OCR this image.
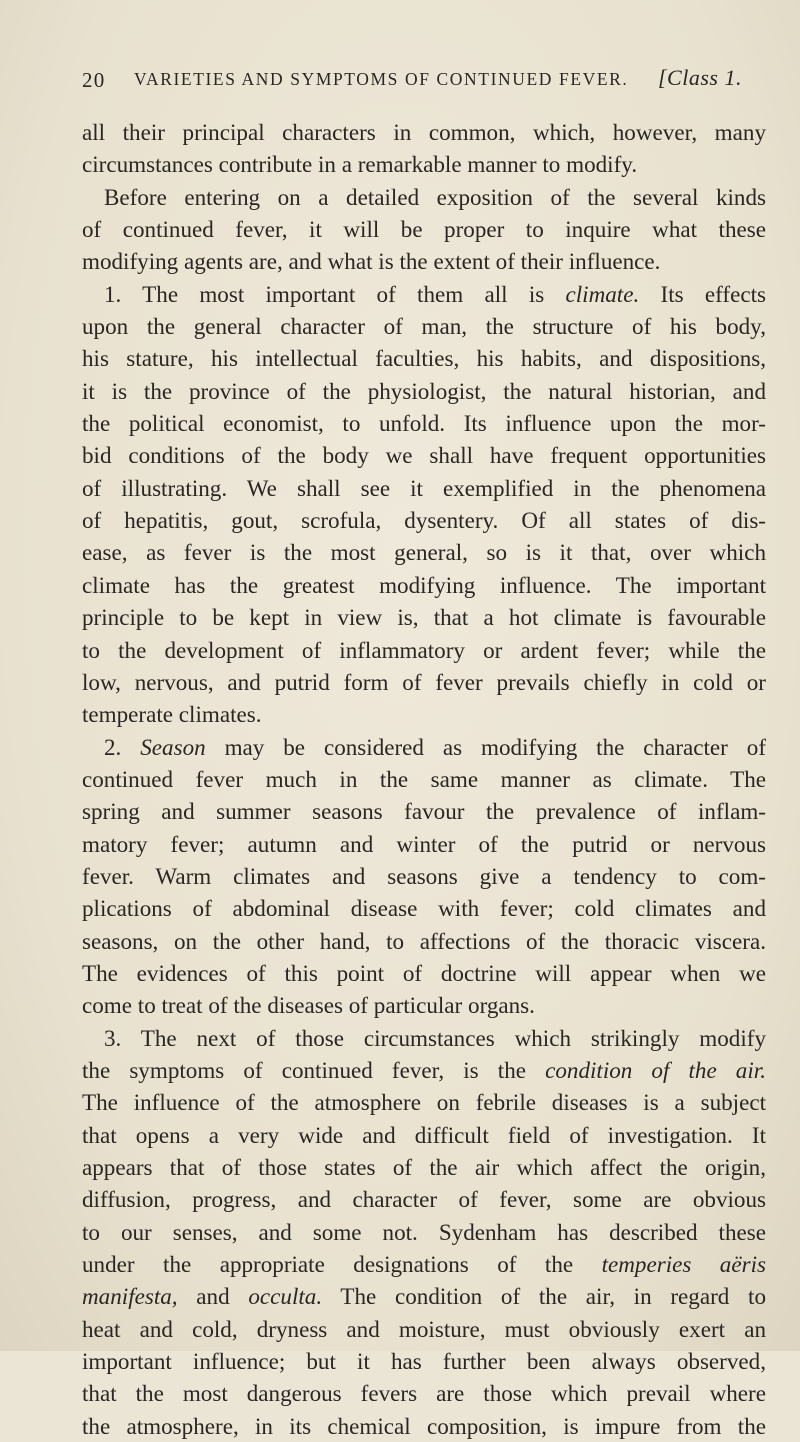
20 VARIETIES AND SYMPTOMS OF CONTINUED FEVER. [Class 1.
all their principal characters in common, which, however, many
circumstances contribute in a remarkable manner to modify.
Before entering on a detailed exposition of the several kinds
of continued fever, it will be proper to inquire what these
modifying agents are, and what is the extent of their influence.
1. The most important of them all is climate. Its effects
upon the general character of man, the structure of his body,
his stature, his intellectual faculties, his habits, and dispositions,
it is the province of the physiologist, the natural historian, and
the political economist, to unfold. Its influence upon the mor-
bid conditions of the body we shall have frequent opportunities
of illustrating. We shall see it exemplified in the phenomena
of hepatitis, gout, scrofula, dysentery. Of all states of dis-
ease, as fever is the most general, so is it that, over which
climate has the greatest modifying influence. The important
principle to be kept in view is, that a hot climate is favourable
to the development of inflammatory or ardent fever; while the
low, nervous, and putrid form of fever prevails chiefly in cold or
temperate climates.
2. Season may be considered as modifying the character of
continued fever much in the same manner as climate. The
spring and summer seasons favour the prevalence of inflam-
matory fever; autumn and winter of the putrid or nervous
fever. Warm climates and seasons give a tendency to com-
plications of abdominal disease with fever; cold climates and
seasons, on the other hand, to affections of the thoracic viscera.
The evidences of this point of doctrine will appear when we
come to treat of the diseases of particular organs.
3. The next of those circumstances which strikingly modify
the symptoms of continued fever, is the condition of the air.
The influence of the atmosphere on febrile diseases is a subject
that opens a very wide and difficult field of investigation. It
appears that of those states of the air which affect the origin,
diffusion, progress, and character of fever, some are obvious
to our senses, and some not. Sydenham has described these
under the appropriate designations of the temperies aëris
manifesta, and occulta. The condition of the air, in regard to
heat and cold, dryness and moisture, must obviously exert an
important influence; but it has further been always observed,
that the most dangerous fevers are those which prevail where
the atmosphere, in its chemical composition, is impure from the
